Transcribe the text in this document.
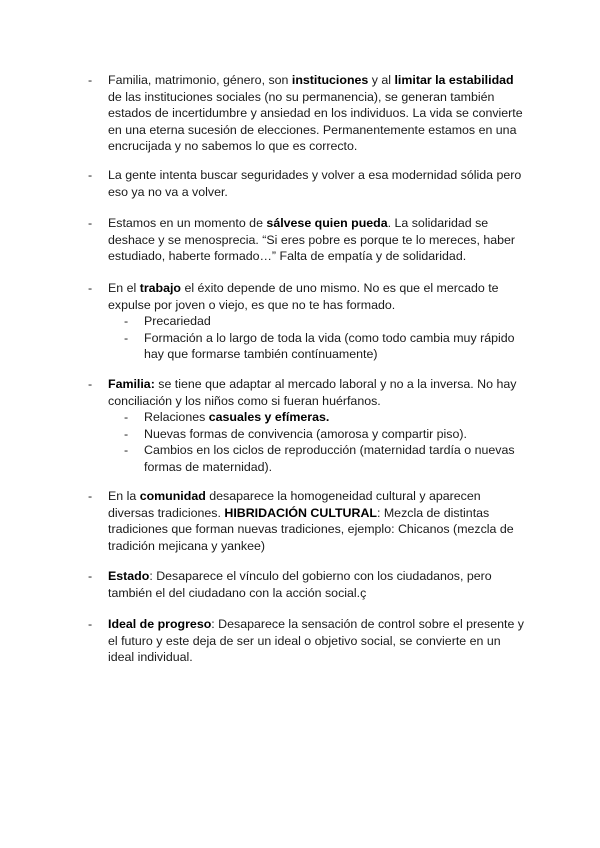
-	Familia, matrimonio, género, son instituciones y al limitar la estabilidad de las instituciones sociales (no su permanencia), se generan también estados de incertidumbre y ansiedad en los individuos. La vida se convierte en una eterna sucesión de elecciones. Permanentemente estamos en una encrucijada y no sabemos lo que es correcto.
-	La gente intenta buscar seguridades y volver a esa modernidad sólida pero eso ya no va a volver.
-	Estamos en un momento de sálvese quien pueda. La solidaridad se deshace y se menosprecia. “Si eres pobre es porque te lo mereces, haber estudiado, haberte formado…” Falta de empatía y de solidaridad.
-	En el trabajo el éxito depende de uno mismo. No es que el mercado te expulse por joven o viejo, es que no te has formado.
-	Precariedad
-	Formación a lo largo de toda la vida (como todo cambia muy rápido hay que formarse también contínuamente)
-	Familia: se tiene que adaptar al mercado laboral y no a la inversa. No hay conciliación y los niños como si fueran huérfanos.
-	Relaciones casuales y efímeras.
-	Nuevas formas de convivencia (amorosa y compartir piso).
-	Cambios en los ciclos de reproducción (maternidad tardía o nuevas formas de maternidad).
-	En la comunidad desaparece la homogeneidad cultural y aparecen diversas tradiciones. HIBRIDACIÓN CULTURAL: Mezcla de distintas tradiciones que forman nuevas tradiciones, ejemplo: Chicanos (mezcla de tradición mejicana y yankee)
-	Estado: Desaparece el vínculo del gobierno con los ciudadanos, pero también el del ciudadano con la acción social.ç
-	Ideal de progreso: Desaparece la sensación de control sobre el presente y el futuro y este deja de ser un ideal o objetivo social, se convierte en un ideal individual.
